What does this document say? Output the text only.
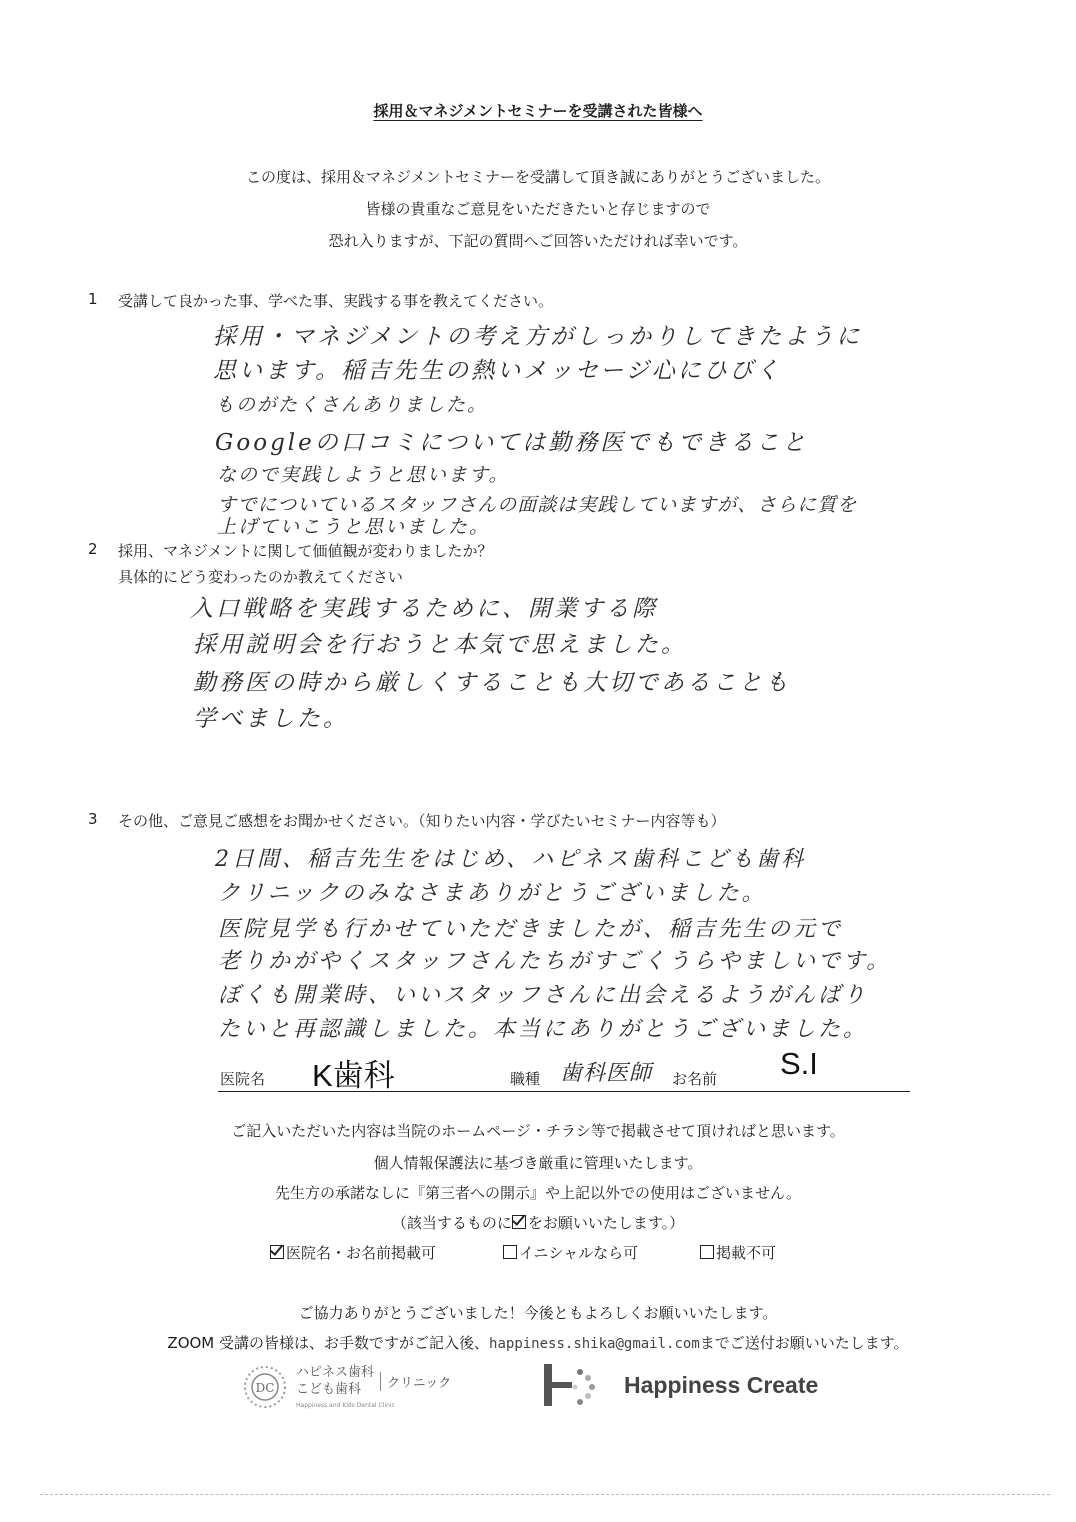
採用＆マネジメントセミナーを受講された皆様へ
この度は、採用＆マネジメントセミナーを受講して頂き誠にありがとうございました。
皆様の貴重なご意見をいただきたいと存じますので
恐れ入りますが、下記の質問へご回答いただければ幸いです。
1 受講して良かった事、学べた事、実践する事を教えてください。
採用・マネジメントの考え方がしっかりしてきたように
思います。稲吉先生の熱いメッセージ心にひびく
ものがたくさんありました。
Googleの口コミについては勤務医でもできること
なので実践しようと思います。
すでについているスタッフさんの面談は実践していますが、さらに質を
上げていこうと思いました。
2 採用、マネジメントに関して価値観が変わりましたか？
具体的にどう変わったのか教えてください
入口戦略を実践するために、開業する際
採用説明会を行おうと本気で思えました。
勤務医の時から厳しくすることも大切であることも
学べました。
3 その他、ご意見ご感想をお聞かせください。（知りたい内容・学びたいセミナー内容等も）
2日間、稲吉先生をはじめ、ハピネス歯科こども歯科
クリニックのみなさまありがとうございました。
医院見学も行かせていただきましたが、稲吉先生の元で
老りかがやくスタッフさんたちがすごくうらやましいです。
ぼくも開業時、いいスタッフさんに出会えるようがんばり
たいと再認識しました。本当にありがとうございました。
医院名 K歯科	職種 歯科医師 お名前 S.I
ご記入いただいた内容は当院のホームページ・チラシ等で掲載させて頂ければと思います。
個人情報保護法に基づき厳重に管理いたします。
先生方の承諾なしに『第三者への開示』や上記以外での使用はございません。
（該当するものに をお願いいたします。）
医院名・お名前掲載可	イニシャルなら可	掲載不可
ご協力ありがとうございました！今後ともよろしくお願いいたします。
ZOOM 受講の皆様は、お手数ですがご記入後、happiness.shika@gmail.comまでご送付お願いいたします。
DC
ハピネス歯科
こども歯科	クリニック
Happiness and Kids Dental Clinic
Happiness Create
